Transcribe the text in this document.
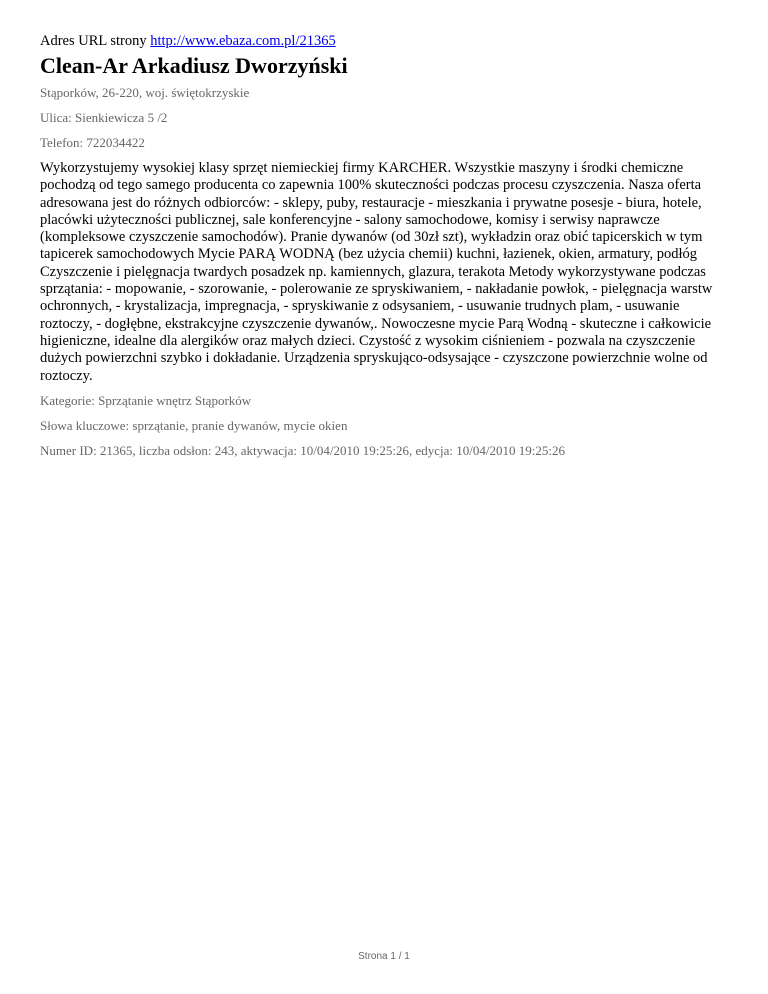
Adres URL strony http://www.ebaza.com.pl/21365

Clean-Ar Arkadiusz Dworzyński

Stąporków, 26-220, woj. świętokrzyskie

Ulica: Sienkiewicza 5 /2

Telefon: 722034422

Wykorzystujemy wysokiej klasy sprzęt niemieckiej firmy KARCHER. Wszystkie maszyny i środki chemiczne pochodzą od tego samego producenta co zapewnia 100% skuteczności podczas procesu czyszczenia. Nasza oferta adresowana jest do różnych odbiorców: - sklepy, puby, restauracje - mieszkania i prywatne posesje - biura, hotele, placówki użyteczności publicznej, sale konferencyjne - salony samochodowe, komisy i serwisy naprawcze (kompleksowe czyszczenie samochodów). Pranie dywanów (od 30zł szt), wykładzin oraz obić tapicerskich w tym tapicerek samochodowych Mycie PARĄ WODNĄ (bez użycia chemii) kuchni, łazienek, okien, armatury, podłóg Czyszczenie i pielęgnacja twardych posadzek np. kamiennych, glazura, terakota Metody wykorzystywane podczas sprzątania: - mopowanie, - szorowanie, - polerowanie ze spryskiwaniem, - nakładanie powłok, - pielęgnacja warstw ochronnych, - krystalizacja, impregnacja, - spryskiwanie z odsysaniem, - usuwanie trudnych plam, - usuwanie roztoczy, - dogłębne, ekstrakcyjne czyszczenie dywanów,. Nowoczesne mycie Parą Wodną - skuteczne i całkowicie higieniczne, idealne dla alergików oraz małych dzieci. Czystość z wysokim ciśnieniem - pozwala na czyszczenie dużych powierzchni szybko i dokładanie. Urządzenia spryskująco-odsysające - czyszczone powierzchnie wolne od roztoczy.

Kategorie: Sprzątanie wnętrz Stąporków

Słowa kluczowe: sprzątanie, pranie dywanów, mycie okien

Numer ID: 21365, liczba odsłon: 243, aktywacja: 10/04/2010 19:25:26, edycja: 10/04/2010 19:25:26

Strona 1 / 1
